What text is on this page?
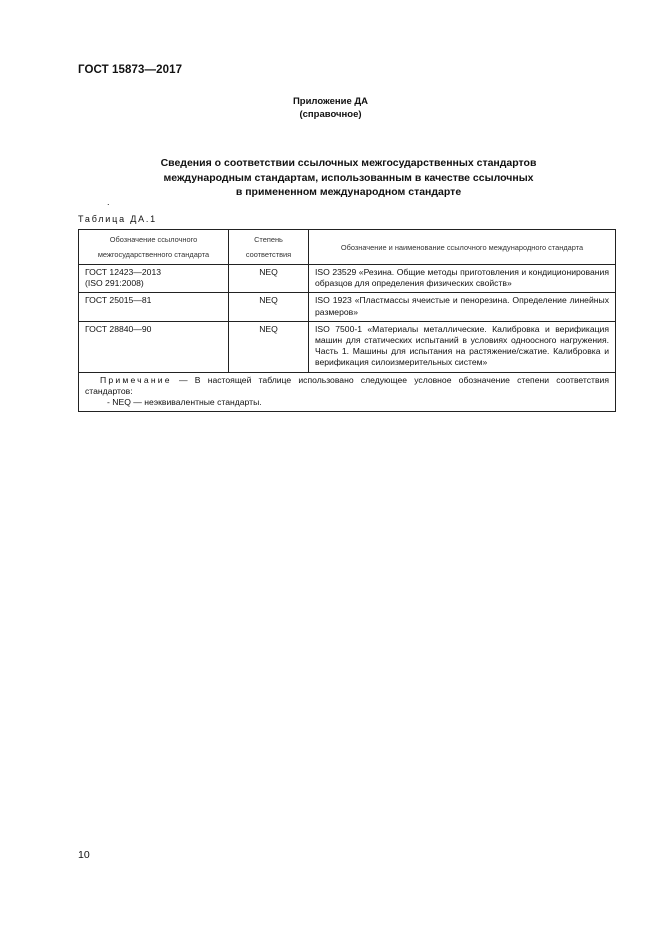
ГОСТ 15873—2017
Приложение ДА
(справочное)
Сведения о соответствии ссылочных межгосударственных стандартов
международным стандартам, использованным в качестве ссылочных
в примененном международном стандарте
.
Таблица ДА.1
Обозначение ссылочного межгосударственного стандарта	Степень соответствия	Обозначение и наименование ссылочного международного стандарта

ГОСТ 12423—2013
(ISO 291:2008)	NEQ	ISO 23529 «Резина. Общие методы приготовления и кондиционирования образцов для определения физических свойств»

ГОСТ 25015—81	NEQ	ISO 1923 «Пластмассы ячеистые и пенорезина. Определение линейных размеров»

ГОСТ 28840—90	NEQ	ISO 7500-1 «Материалы металлические. Калибровка и верификация машин для статических испытаний в условиях одноосного нагружения. Часть 1. Машины для испытания на растяжение/сжатие. Калибровка и верификация силоизмерительных систем»

Примечание — В настоящей таблице использовано следующее условное обозначение степени соответствия стандартов:
- NEQ — неэквивалентные стандарты.		
10
